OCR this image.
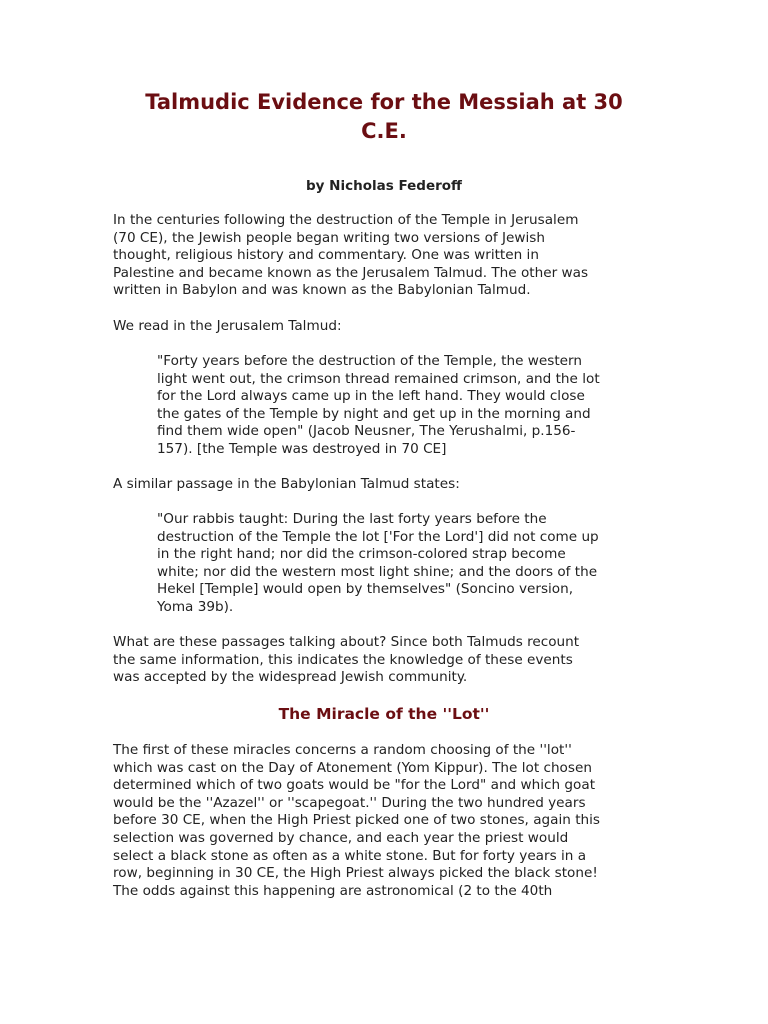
Talmudic Evidence for the Messiah at 30
C.E.

by Nicholas Federoff

In the centuries following the destruction of the Temple in Jerusalem
(70 CE), the Jewish people began writing two versions of Jewish
thought, religious history and commentary. One was written in
Palestine and became known as the Jerusalem Talmud. The other was
written in Babylon and was known as the Babylonian Talmud.

We read in the Jerusalem Talmud:

"Forty years before the destruction of the Temple, the western
light went out, the crimson thread remained crimson, and the lot
for the Lord always came up in the left hand. They would close
the gates of the Temple by night and get up in the morning and
find them wide open" (Jacob Neusner, The Yerushalmi, p.156-
157). [the Temple was destroyed in 70 CE]

A similar passage in the Babylonian Talmud states:

"Our rabbis taught: During the last forty years before the
destruction of the Temple the lot ['For the Lord'] did not come up
in the right hand; nor did the crimson-colored strap become
white; nor did the western most light shine; and the doors of the
Hekel [Temple] would open by themselves" (Soncino version,
Yoma 39b).

What are these passages talking about? Since both Talmuds recount
the same information, this indicates the knowledge of these events
was accepted by the widespread Jewish community.

The Miracle of the ''Lot''

The first of these miracles concerns a random choosing of the ''lot''
which was cast on the Day of Atonement (Yom Kippur). The lot chosen
determined which of two goats would be "for the Lord" and which goat
would be the ''Azazel'' or ''scapegoat.'' During the two hundred years
before 30 CE, when the High Priest picked one of two stones, again this
selection was governed by chance, and each year the priest would
select a black stone as often as a white stone. But for forty years in a
row, beginning in 30 CE, the High Priest always picked the black stone!
The odds against this happening are astronomical (2 to the 40th
